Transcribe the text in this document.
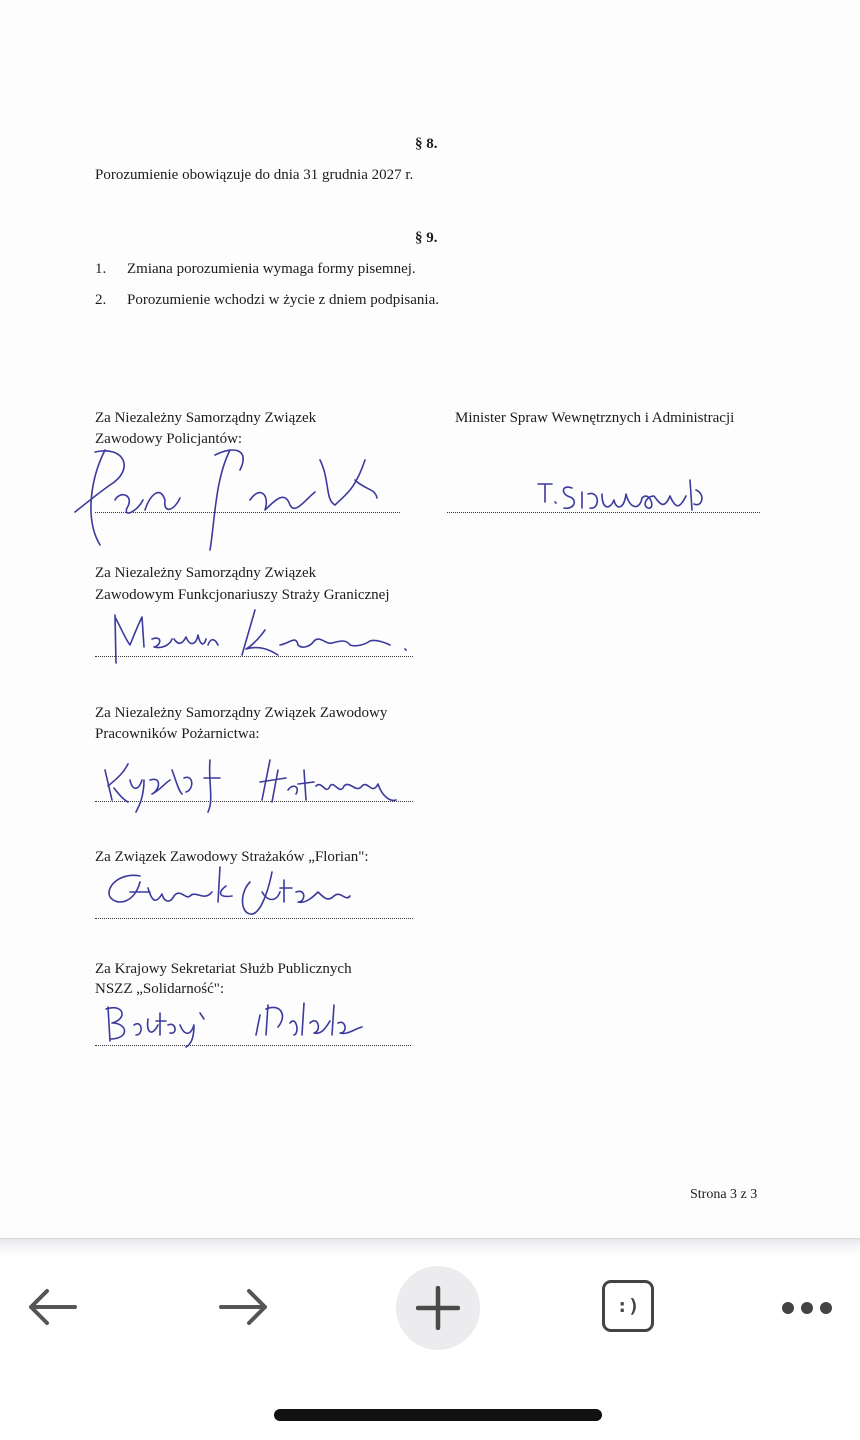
§ 8.
Porozumienie obowiązuje do dnia 31 grudnia 2027 r.
§ 9.
1. Zmiana porozumienia wymaga formy pisemnej.
2. Porozumienie wchodzi w życie z dniem podpisania.
Za Niezależny Samorządny Związek
Zawodowy Policjantów:
Minister Spraw Wewnętrznych i Administracji
Za Niezależny Samorządny Związek
Zawodowym Funkcjonariuszy Straży Granicznej
Za Niezależny Samorządny Związek Zawodowy
Pracowników Pożarnictwa:
Za Związek Zawodowy Strażaków „Florian":
Za Krajowy Sekretariat Służb Publicznych
NSZZ „Solidarność":
Strona 3 z 3
:)
